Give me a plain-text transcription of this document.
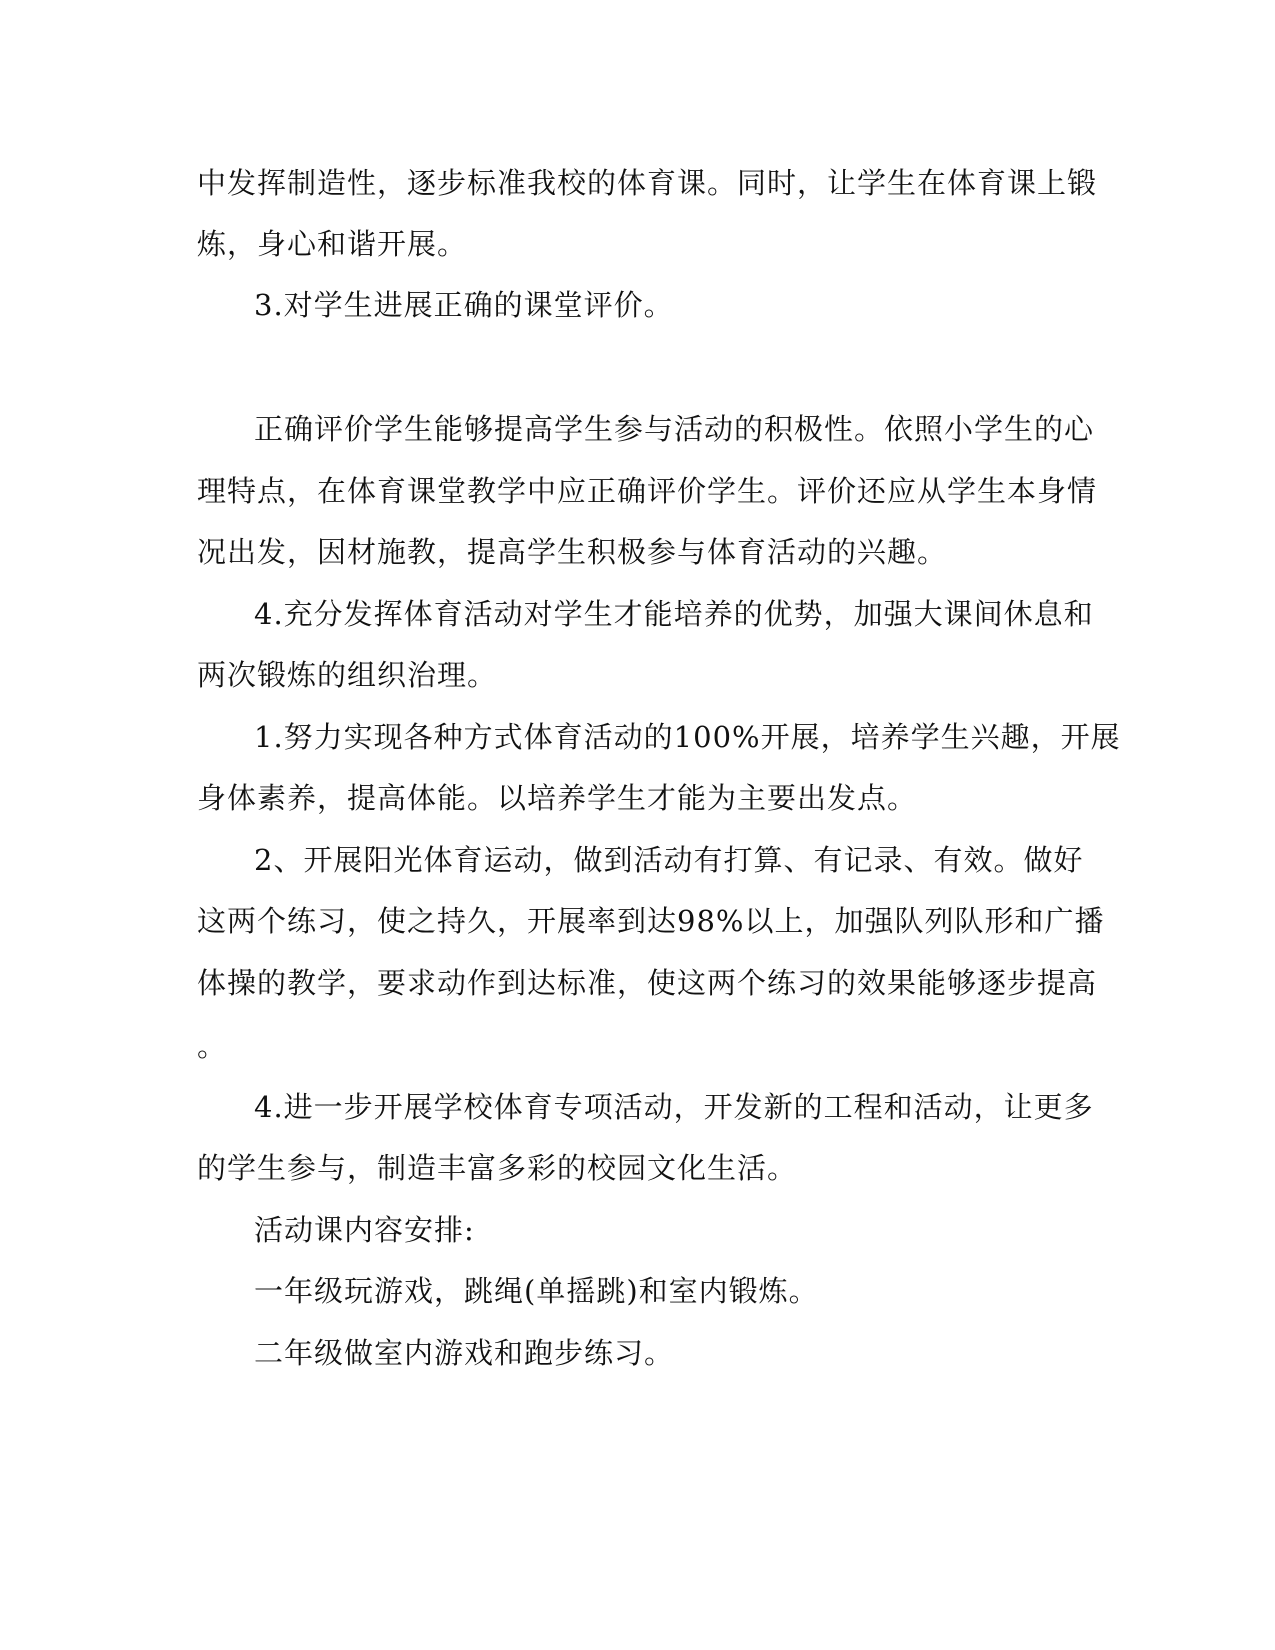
中发挥制造性，逐步标准我校的体育课。同时，让学生在体育课上锻
炼，身心和谐开展。
3.对学生进展正确的课堂评价。
正确评价学生能够提高学生参与活动的积极性。依照小学生的心
理特点，在体育课堂教学中应正确评价学生。评价还应从学生本身情
况出发，因材施教，提高学生积极参与体育活动的兴趣。
4.充分发挥体育活动对学生才能培养的优势，加强大课间休息和
两次锻炼的组织治理。
1.努力实现各种方式体育活动的100%开展，培养学生兴趣，开展
身体素养，提高体能。以培养学生才能为主要出发点。
2、开展阳光体育运动，做到活动有打算、有记录、有效。做好
这两个练习，使之持久，开展率到达98%以上，加强队列队形和广播
体操的教学，要求动作到达标准，使这两个练习的效果能够逐步提高
。
4.进一步开展学校体育专项活动，开发新的工程和活动，让更多
的学生参与，制造丰富多彩的校园文化生活。
活动课内容安排:
一年级玩游戏，跳绳(单摇跳)和室内锻炼。
二年级做室内游戏和跑步练习。
